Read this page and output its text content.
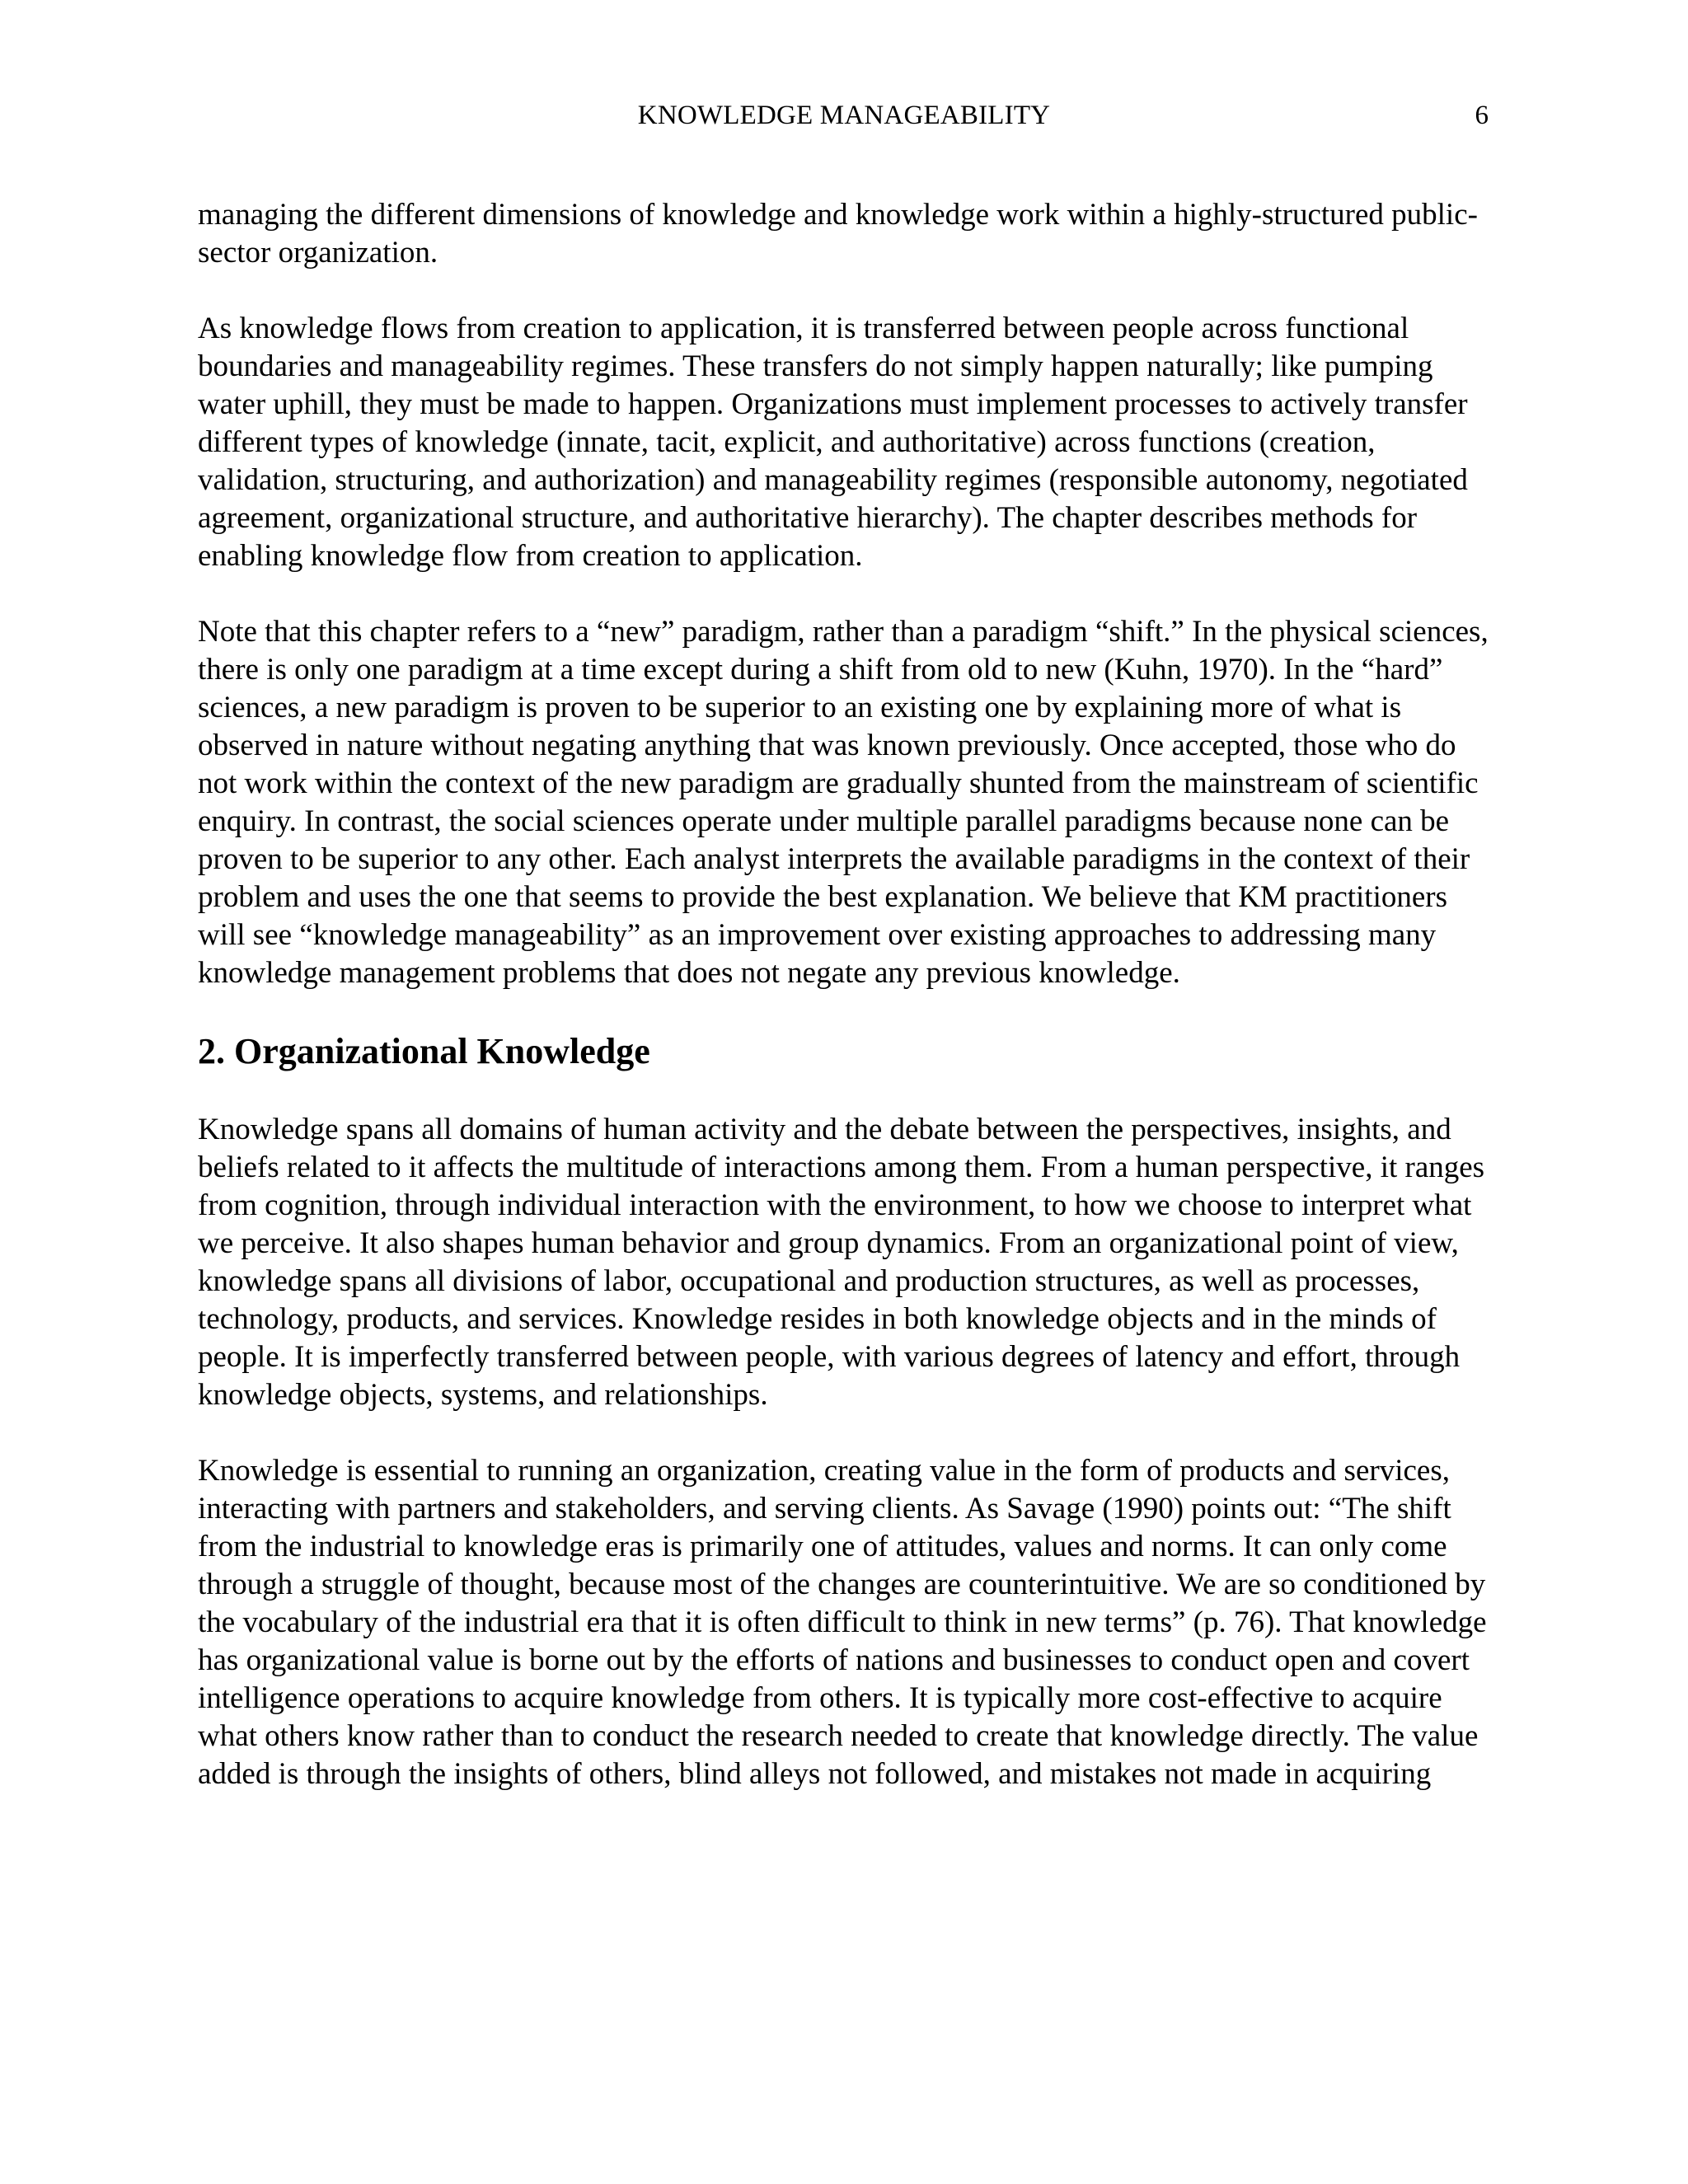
KNOWLEDGE MANAGEABILITY	6

managing the different dimensions of knowledge and knowledge work within a highly-structured public-sector organization.

As knowledge flows from creation to application, it is transferred between people across functional boundaries and manageability regimes. These transfers do not simply happen naturally; like pumping water uphill, they must be made to happen. Organizations must implement processes to actively transfer different types of knowledge (innate, tacit, explicit, and authoritative) across functions (creation, validation, structuring, and authorization) and manageability regimes (responsible autonomy, negotiated agreement, organizational structure, and authoritative hierarchy). The chapter describes methods for enabling knowledge flow from creation to application.

Note that this chapter refers to a “new” paradigm, rather than a paradigm “shift.” In the physical sciences, there is only one paradigm at a time except during a shift from old to new (Kuhn, 1970). In the “hard” sciences, a new paradigm is proven to be superior to an existing one by explaining more of what is observed in nature without negating anything that was known previously. Once accepted, those who do not work within the context of the new paradigm are gradually shunted from the mainstream of scientific enquiry. In contrast, the social sciences operate under multiple parallel paradigms because none can be proven to be superior to any other. Each analyst interprets the available paradigms in the context of their problem and uses the one that seems to provide the best explanation. We believe that KM practitioners will see “knowledge manageability” as an improvement over existing approaches to addressing many knowledge management problems that does not negate any previous knowledge.

2. Organizational Knowledge

Knowledge spans all domains of human activity and the debate between the perspectives, insights, and beliefs related to it affects the multitude of interactions among them. From a human perspective, it ranges from cognition, through individual interaction with the environment, to how we choose to interpret what we perceive. It also shapes human behavior and group dynamics. From an organizational point of view, knowledge spans all divisions of labor, occupational and production structures, as well as processes, technology, products, and services. Knowledge resides in both knowledge objects and in the minds of people. It is imperfectly transferred between people, with various degrees of latency and effort, through knowledge objects, systems, and relationships.

Knowledge is essential to running an organization, creating value in the form of products and services, interacting with partners and stakeholders, and serving clients. As Savage (1990) points out: “The shift from the industrial to knowledge eras is primarily one of attitudes, values and norms. It can only come through a struggle of thought, because most of the changes are counterintuitive. We are so conditioned by the vocabulary of the industrial era that it is often difficult to think in new terms” (p. 76). That knowledge has organizational value is borne out by the efforts of nations and businesses to conduct open and covert intelligence operations to acquire knowledge from others. It is typically more cost-effective to acquire what others know rather than to conduct the research needed to create that knowledge directly. The value added is through the insights of others, blind alleys not followed, and mistakes not made in acquiring
